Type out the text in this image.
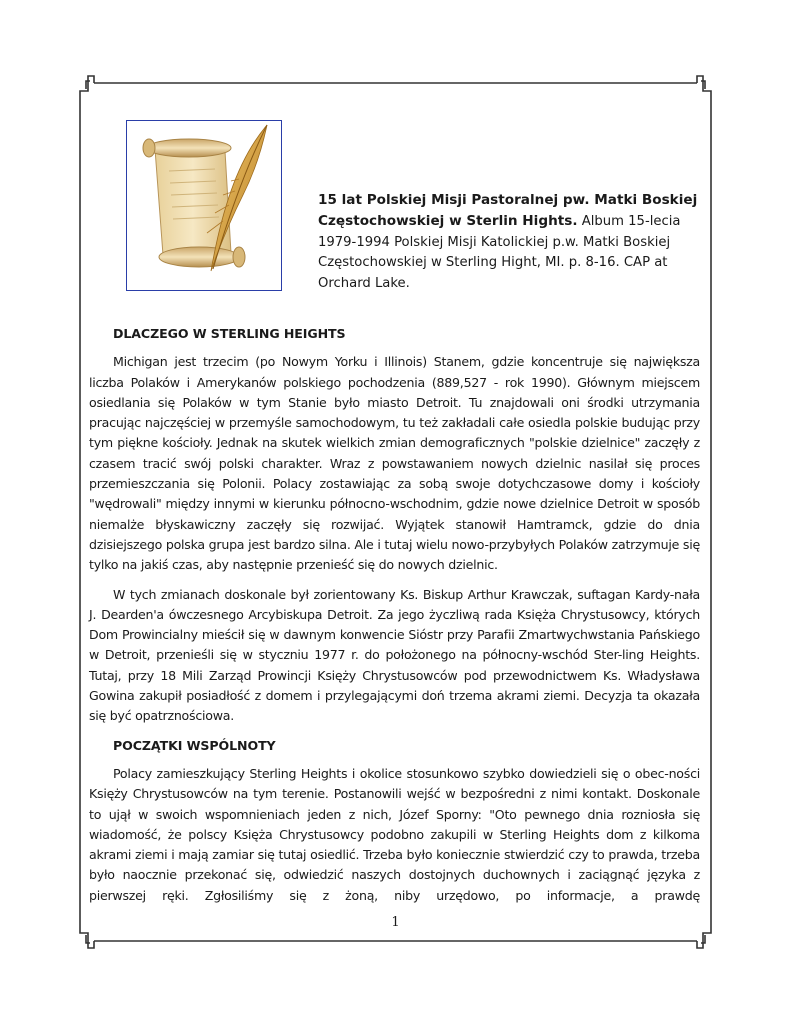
15 lat Polskiej Misji Pastoralnej pw. Matki Boskiej Częstochowskiej w Sterlin Hights. Album 15-lecia 1979-1994 Polskiej Misji Katolickiej p.w. Matki Boskiej Częstochowskiej w Sterling Hight, MI. p. 8-16. CAP at Orchard Lake.
DLACZEGO W STERLING HEIGHTS

Michigan jest trzecim (po Nowym Yorku i Illinois) Stanem, gdzie koncentruje się największa liczba Polaków i Amerykanów polskiego pochodzenia (889,527 - rok 1990). Głównym miejscem osiedlania się Polaków w tym Stanie było miasto Detroit. Tu znajdowali oni środki utrzymania pracując najczęściej w przemyśle samochodowym, tu też zakładali całe osiedla polskie budując przy tym piękne kościoły. Jednak na skutek wielkich zmian demograficznych "polskie dzielnice" zaczęły z czasem tracić swój polski charakter. Wraz z powstawaniem nowych dzielnic nasilał się proces przemieszczania się Polonii. Polacy zostawiając za sobą swoje dotychczasowe domy i kościoły "wędrowali" między innymi w kierunku północno-wschodnim, gdzie nowe dzielnice Detroit w sposób niemalże błyskawiczny zaczęły się rozwijać. Wyjątek stanowił Hamtramck, gdzie do dnia dzisiejszego polska grupa jest bardzo silna. Ale i tutaj wielu nowo-przybyłych Polaków zatrzymuje się tylko na jakiś czas, aby następnie przenieść się do nowych dzielnic.

W tych zmianach doskonale był zorientowany Ks. Biskup Arthur Krawczak, suftagan Kardy-nała J. Dearden'a ówczesnego Arcybiskupa Detroit. Za jego życzliwą rada Księża Chrystusowcy, których Dom Prowincialny mieścił się w dawnym konwencie Sióstr przy Parafii Zmartwychwstania Pańskiego w Detroit, przenieśli się w styczniu 1977 r. do położonego na północny-wschód Ster-ling Heights. Tutaj, przy 18 Mili Zarząd Prowincji Księży Chrystusowców pod przewodnictwem Ks. Władysława Gowina zakupił posiadłość z domem i przylegającymi doń trzema akrami ziemi. Decyzja ta okazała się być opatrznościowa.

POCZĄTKI WSPÓLNOTY

Polacy zamieszkujący Sterling Heights i okolice stosunkowo szybko dowiedzieli się o obec-ności Księży Chrystusowców na tym terenie. Postanowili wejść w bezpośredni z nimi kontakt. Doskonale to ujął w swoich wspomnieniach jeden z nich, Józef Sporny: "Oto pewnego dnia rozniosła się wiadomość, że polscy Księża Chrystusowcy podobno zakupili w Sterling Heights dom z kilkoma akrami ziemi i mają zamiar się tutaj osiedlić. Trzeba było koniecznie stwierdzić czy to prawda, trzeba było naocznie przekonać się, odwiedzić naszych dostojnych duchownych i zaciągnąć języka z pierwszej ręki. Zgłosiliśmy się z żoną, niby urzędowo, po informacje, a prawdę

1
